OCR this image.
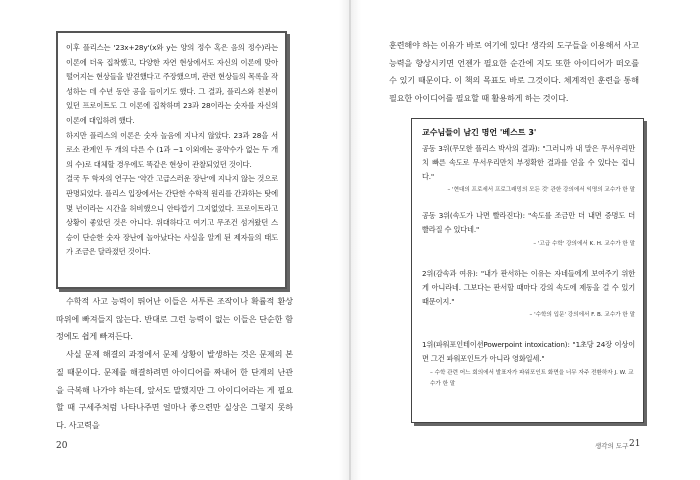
이후 플리스는 '23x+28y'(x와 y는 양의 정수 혹은 음의 정수)라는 이론에 더욱 집착했고, 다양한 자연 현상에서도 자신의 이론에 맞아떨어지는 현상들을 발견했다고 주장했으며, 관련 현상들의 목록을 작성하는 데 수년 동안 공을 들이기도 했다. 그 결과, 플리스와 친분이 있던 프로이트도 그 이론에 집착하며 23과 28이라는 숫자를 자신의 이론에 대입하려 했다.

하지만 플리스의 이론은 숫자 놀음에 지나지 않았다. 23과 28을 서로소 관계인 두 개의 다른 수 (1과 −1 이외에는 공약수가 없는 두 개의 수)로 대체할 경우에도 똑같은 현상이 관찰되었던 것이다.

결국 두 학자의 연구는 '약간 고급스러운 장난'에 지나지 않는 것으로 판명되었다. 플리스 입장에서는 간단한 수학적 원리를 간과하는 탓에 몇 년이라는 시간을 허비했으니 안타깝기 그지없었다. 프로이트라고 상황이 좋았던 것은 아니다. 위대하다고 여기고 무조건 섬겨왔던 스승이 단순한 숫자 장난에 놀아났다는 사실을 알게 된 제자들의 태도가 조금은 달라졌던 것이다.

수학적 사고 능력이 뛰어난 이들은 서투른 조작이나 확률적 환상 따위에 빠져들지 않는다. 반대로 그런 능력이 없는 이들은 단순한 함정에도 쉽게 빠져든다.

사실 문제 해결의 과정에서 문제 상황이 발생하는 것은 문제의 본질 때문이다. 문제를 해결하려면 아이디어를 짜내어 한 단계의 난관을 극복해 나가야 하는데, 앞서도 말했지만 그 아이디어라는 게 필요할 때 구세주처럼 나타나주면 얼마나 좋으련만 실상은 그렇지 못하다. 사고력을

20

훈련해야 하는 이유가 바로 여기에 있다! 생각의 도구들을 이용해서 사고 능력을 향상시키면 언젠가 필요한 순간에 지도 또한 아이디어가 떠오를 수 있기 때문이다. 이 책의 목표도 바로 그것이다. 체계적인 훈련을 통해 필요한 아이디어를 필요할 때 활용하게 하는 것이다.

교수님들이 남긴 명언 '베스트 3'

공동 3위(무모한 플리스 박사의 결과): "그러니까 내 말은 무서우리만치 빠른 속도로 무서우리만치 부정확한 결과를 얻을 수 있다는 겁니다."

– '현대의 프로세서 프로그래밍의 모든 것' 관한 강의에서 익명의 교수가 한 말

공동 3위(속도가 나면 빨라진다): "속도를 조금만 더 내면 증명도 더 빨라질 수 있다네."

– '고급 수학' 강의에서 K. H. 교수가 한 말

2위(감속과 여유): "내가 판서하는 이유는 자네들에게 보여주기 위한 게 아니라네. 그보다는 판서할 때마다 강의 속도에 제동을 걸 수 있기 때문이지."

– '수학의 입문' 강의에서 F. B. 교수가 한 말

1위(파워포인테이션Powerpoint intoxication): "1초당 24장 이상이면 그건 파워포인트가 아니라 영화일세."

– 수학 관련 어느 회의에서 발표자가 파워포인트 화면을 너무 자주 전환하자 J. W. 교수가 한 말

생각의 도구 21
